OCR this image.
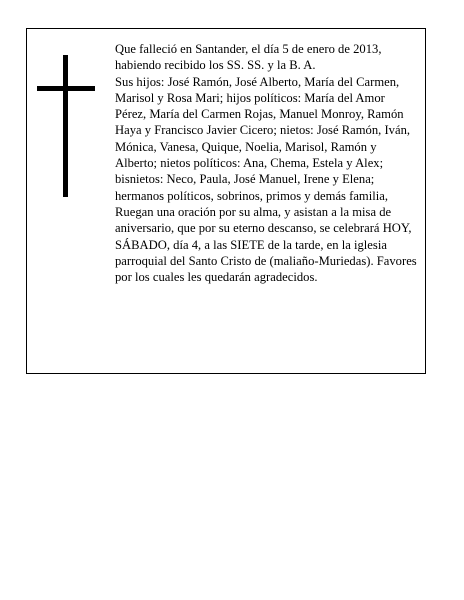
Que falleció en Santander, el día 5 de enero de 2013, habiendo recibido los SS. SS. y la B. A.

Sus hijos: José Ramón, José Alberto, María del Carmen, Marisol y Rosa Mari; hijos políticos: María del Amor Pérez, María del Carmen Rojas, Manuel Monroy, Ramón Haya y Francisco Javier Cicero; nietos: José Ramón, Iván, Mónica, Vanesa, Quique, Noelia, Marisol, Ramón y Alberto; nietos políticos: Ana, Chema, Estela y Alex; bisnietos: Neco, Paula, José Manuel, Irene y Elena; hermanos políticos, sobrinos, primos y demás familia,

Ruegan una oración por su alma, y asistan a la misa de aniversario, que por su eterno descanso, se celebrará HOY, SÁBADO, día 4, a las SIETE de la tarde, en la iglesia parroquial del Santo Cristo de (maliaño-Muriedas). Favores por los cuales les quedarán agradecidos.
